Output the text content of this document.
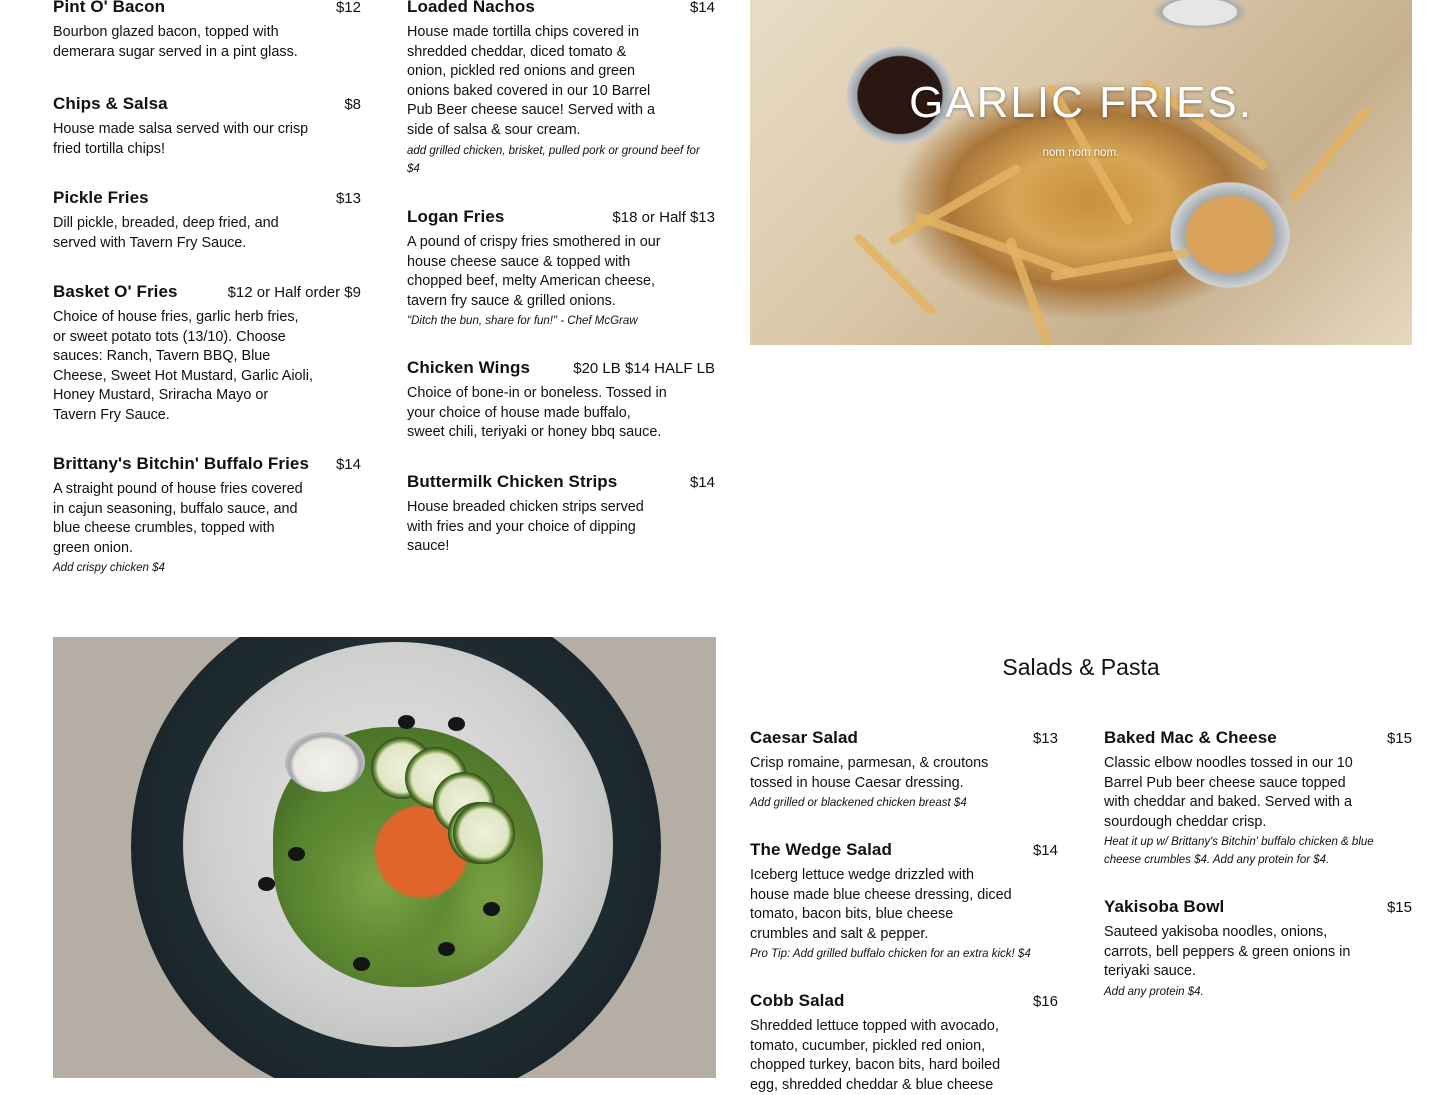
Pint O' Bacon	$12
Bourbon glazed bacon, topped with demerara sugar served in a pint glass.
Chips & Salsa	$8
House made salsa served with our crisp fried tortilla chips!
Pickle Fries	$13
Dill pickle, breaded, deep fried, and served with Tavern Fry Sauce.
Basket O' Fries	$12 or Half order $9
Choice of house fries, garlic herb fries, or sweet potato tots (13/10). Choose sauces: Ranch, Tavern BBQ, Blue Cheese, Sweet Hot Mustard, Garlic Aioli, Honey Mustard, Sriracha Mayo or Tavern Fry Sauce.
Brittany's Bitchin' Buffalo Fries $14
A straight pound of house fries covered in cajun seasoning, buffalo sauce, and blue cheese crumbles, topped with green onion.
Add crispy chicken $4
Loaded Nachos	$14
House made tortilla chips covered in shredded cheddar, diced tomato & onion, pickled red onions and green onions baked covered in our 10 Barrel Pub Beer cheese sauce! Served with a side of salsa & sour cream.
add grilled chicken, brisket, pulled pork or ground beef for $4
Logan Fries	$18 or Half $13
A pound of crispy fries smothered in our house cheese sauce & topped with chopped beef, melty American cheese, tavern fry sauce & grilled onions.
"Ditch the bun, share for fun!" - Chef McGraw
Chicken Wings	$20 LB $14 HALF LB
Choice of bone-in or boneless. Tossed in your choice of house made buffalo, sweet chili, teriyaki or honey bbq sauce.
Buttermilk Chicken Strips	$14
House breaded chicken strips served with fries and your choice of dipping sauce!
GARLIC FRIES.
nom nom nom.
Salads & Pasta
Caesar Salad	$13
Crisp romaine, parmesan, & croutons tossed in house Caesar dressing.
Add grilled or blackened chicken breast $4
The Wedge Salad	$14
Iceberg lettuce wedge drizzled with house made blue cheese dressing, diced tomato, bacon bits, blue cheese crumbles and salt & pepper.
Pro Tip: Add grilled buffalo chicken for an extra kick! $4
Cobb Salad	$16
Shredded lettuce topped with avocado, tomato, cucumber, pickled red onion, chopped turkey, bacon bits, hard boiled egg, shredded cheddar & blue cheese
Baked Mac & Cheese	$15
Classic elbow noodles tossed in our 10 Barrel Pub beer cheese sauce topped with cheddar and baked. Served with a sourdough cheddar crisp.
Heat it up w/ Brittany's Bitchin' buffalo chicken & blue cheese crumbles $4. Add any protein for $4.
Yakisoba Bowl	$15
Sauteed yakisoba noodles, onions, carrots, bell peppers & green onions in teriyaki sauce.
Add any protein $4.
